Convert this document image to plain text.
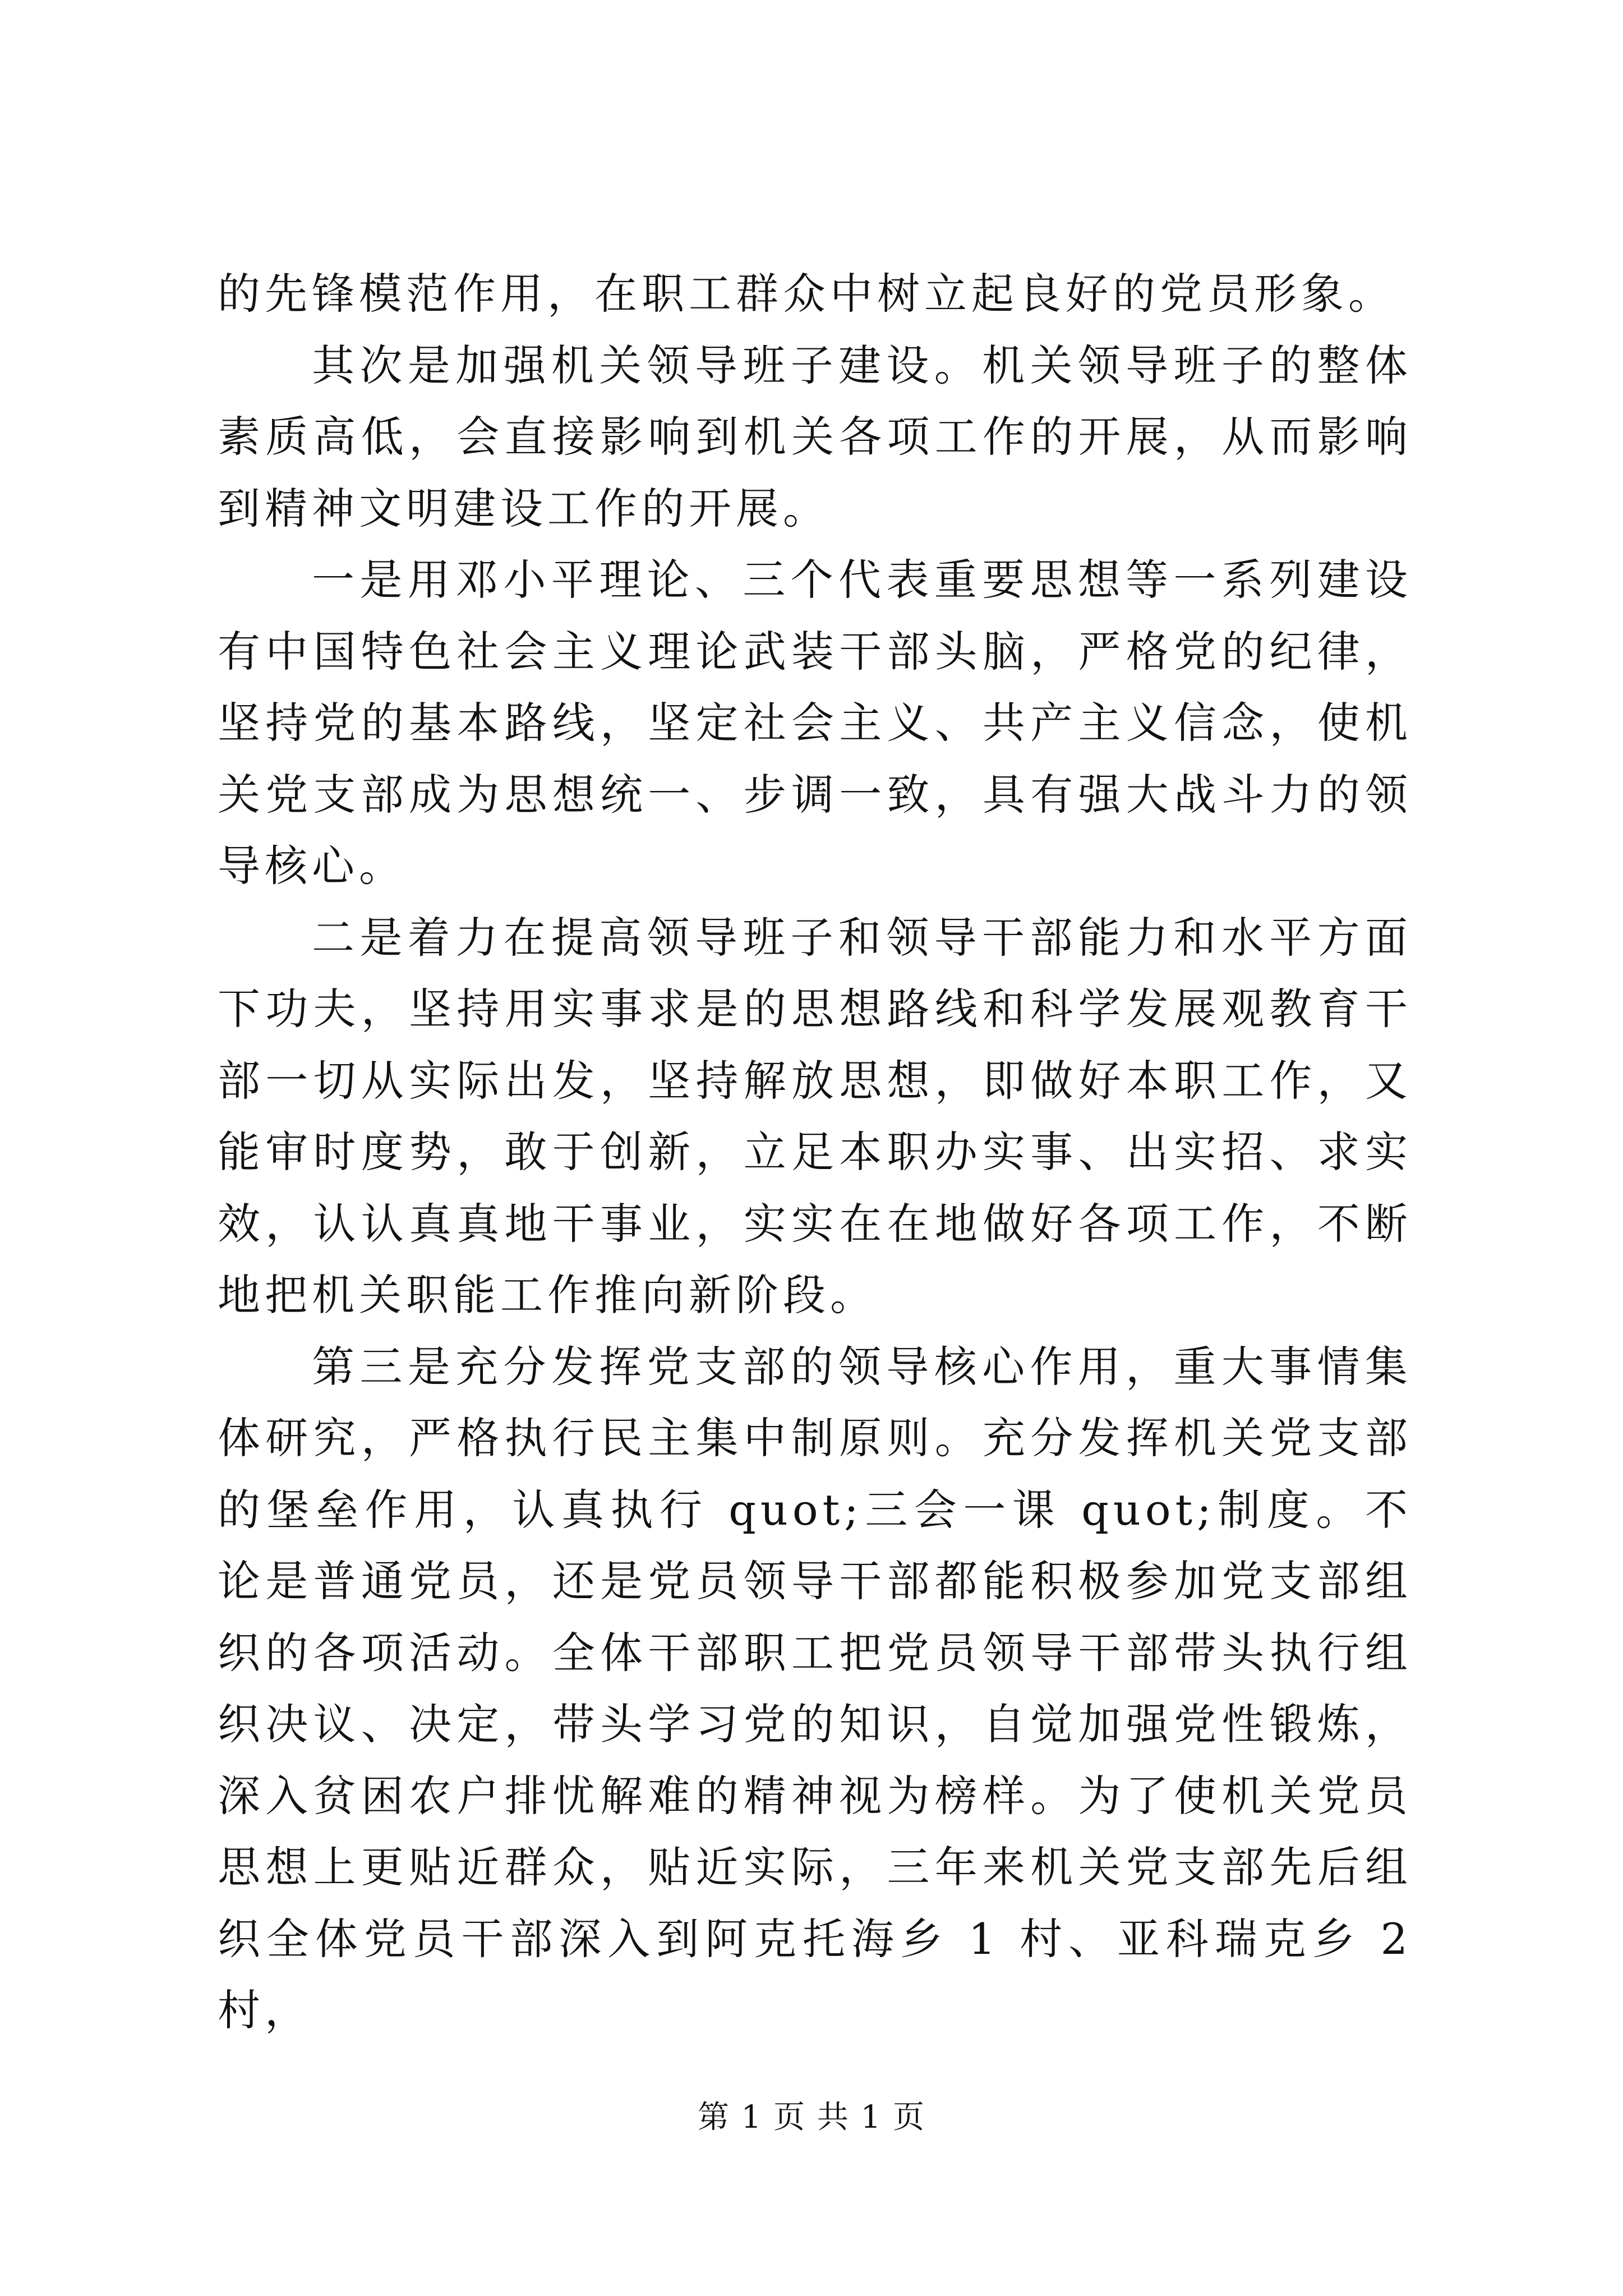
的先锋模范作用，在职工群众中树立起良好的党员形象。

其次是加强机关领导班子建设。机关领导班子的整体素质高低，会直接影响到机关各项工作的开展，从而影响到精神文明建设工作的开展。

一是用邓小平理论、三个代表重要思想等一系列建设有中国特色社会主义理论武装干部头脑，严格党的纪律，坚持党的基本路线，坚定社会主义、共产主义信念，使机关党支部成为思想统一、步调一致，具有强大战斗力的领导核心。

二是着力在提高领导班子和领导干部能力和水平方面下功夫，坚持用实事求是的思想路线和科学发展观教育干部一切从实际出发，坚持解放思想，即做好本职工作，又能审时度势，敢于创新，立足本职办实事、出实招、求实效，认认真真地干事业，实实在在地做好各项工作，不断地把机关职能工作推向新阶段。

第三是充分发挥党支部的领导核心作用，重大事情集体研究，严格执行民主集中制原则。充分发挥机关党支部的堡垒作用，认真执行 quot;三会一课 quot;制度。不论是普通党员，还是党员领导干部都能积极参加党支部组织的各项活动。全体干部职工把党员领导干部带头执行组织决议、决定，带头学习党的知识，自觉加强党性锻炼，深入贫困农户排忧解难的精神视为榜样。为了使机关党员思想上更贴近群众，贴近实际，三年来机关党支部先后组织全体党员干部深入到阿克托海乡 1 村、亚科瑞克乡 2 村，

第 1 页 共 1 页
